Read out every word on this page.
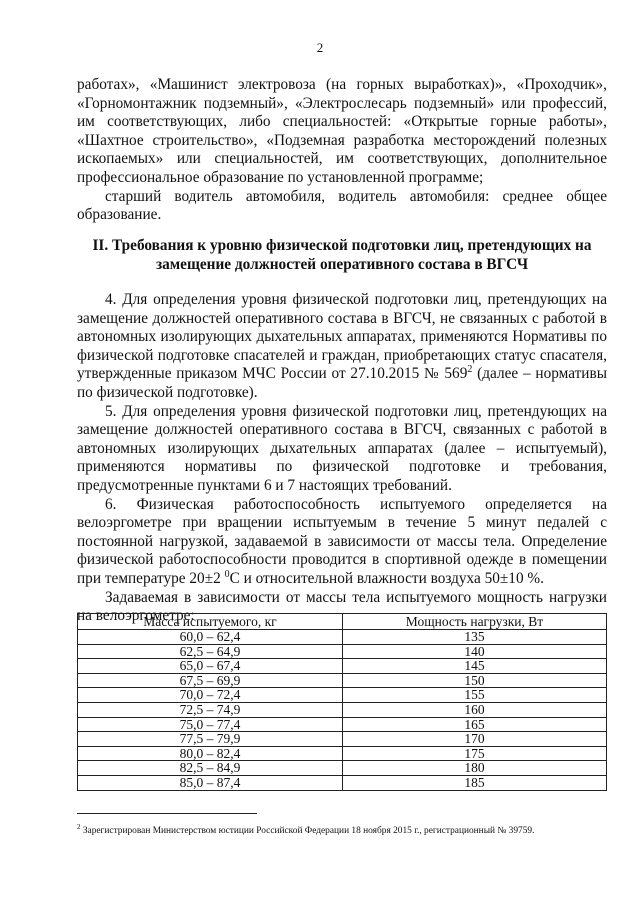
2

работах», «Машинист электровоза (на горных выработках)», «Проходчик», «Горномонтажник подземный», «Электрослесарь подземный» или профессий, им соответствующих, либо специальностей: «Открытые горные работы», «Шахтное строительство», «Подземная разработка месторождений полезных ископаемых» или специальностей, им соответствующих, дополнительное профессиональное образование по установленной программе;

старший водитель автомобиля, водитель автомобиля: среднее общее образование.

II. Требования к уровню физической подготовки лиц, претендующих на замещение должностей оперативного состава в ВГСЧ

4. Для определения уровня физической подготовки лиц, претендующих на замещение должностей оперативного состава в ВГСЧ, не связанных с работой в автономных изолирующих дыхательных аппаратах, применяются Нормативы по физической подготовке спасателей и граждан, приобретающих статус спасателя, утвержденные приказом МЧС России от 27.10.2015 № 569$^2$ (далее – нормативы по физической подготовке).

5. Для определения уровня физической подготовки лиц, претендующих на замещение должностей оперативного состава в ВГСЧ, связанных с работой в автономных изолирующих дыхательных аппаратах (далее – испытуемый), применяются нормативы по физической подготовке и требования, предусмотренные пунктами 6 и 7 настоящих требований.

6. Физическая работоспособность испытуемого определяется на велоэргометре при вращении испытуемым в течение 5 минут педалей с постоянной нагрузкой, задаваемой в зависимости от массы тела. Определение физической работоспособности проводится в спортивной одежде в помещении при температуре 20±2 $^0$С и относительной влажности воздуха 50±10 %.

Задаваемая в зависимости от массы тела испытуемого мощность нагрузки на велоэргометре:

Масса испытуемого, кг	Мощность нагрузки, Вт
60,0 – 62,4	135
62,5 – 64,9	140
65,0 – 67,4	145
67,5 – 69,9	150
70,0 – 72,4	155
72,5 – 74,9	160
75,0 – 77,4	165
77,5 – 79,9	170
80,0 – 82,4	175
82,5 – 84,9	180
85,0 – 87,4	185
$^2$ Зарегистрирован Министерством юстиции Российской Федерации 18 ноября 2015 г., регистрационный № 39759.
